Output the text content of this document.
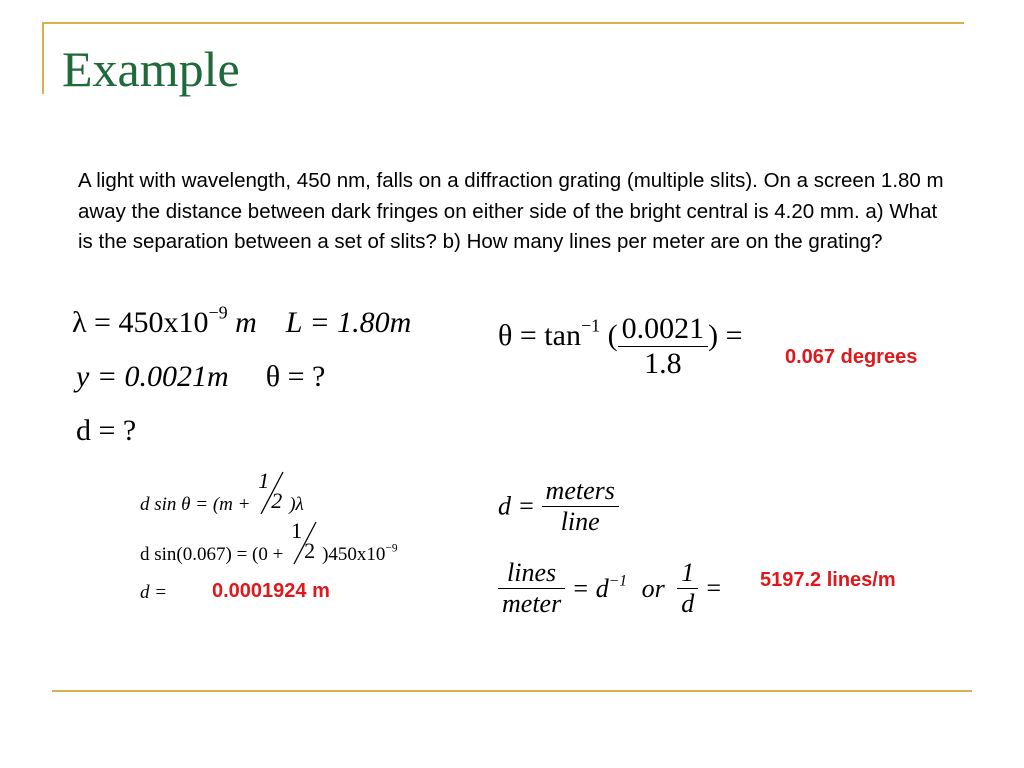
Example
A light with wavelength, 450 nm, falls on a diffraction grating (multiple slits). On a screen 1.80 m away the distance between dark fringes on either side of the bright central is 4.20 mm. a) What is the separation between a set of slits? b) How many lines per meter are on the grating?
$\lambda = 450x10^{-9}$ m L = 1.80m
y = 0.0021m θ = ?
d = ?
$\theta = \tan^{-1}$ ( $\frac{0.0021}{1.8}$ ) =
0.067 degrees
d sin θ = (m +
1
2 )λ
d sin(0.067) = (0 +
1
2 )$450x10^{-9}$
d = 0.0001924 m
$d = \frac{\text{meters}}{\text{line}}$
$\frac{\text{lines}}{\text{meter}} = d^{-1}$ or $\frac{1}{d} = 5197.2$ lines/m
